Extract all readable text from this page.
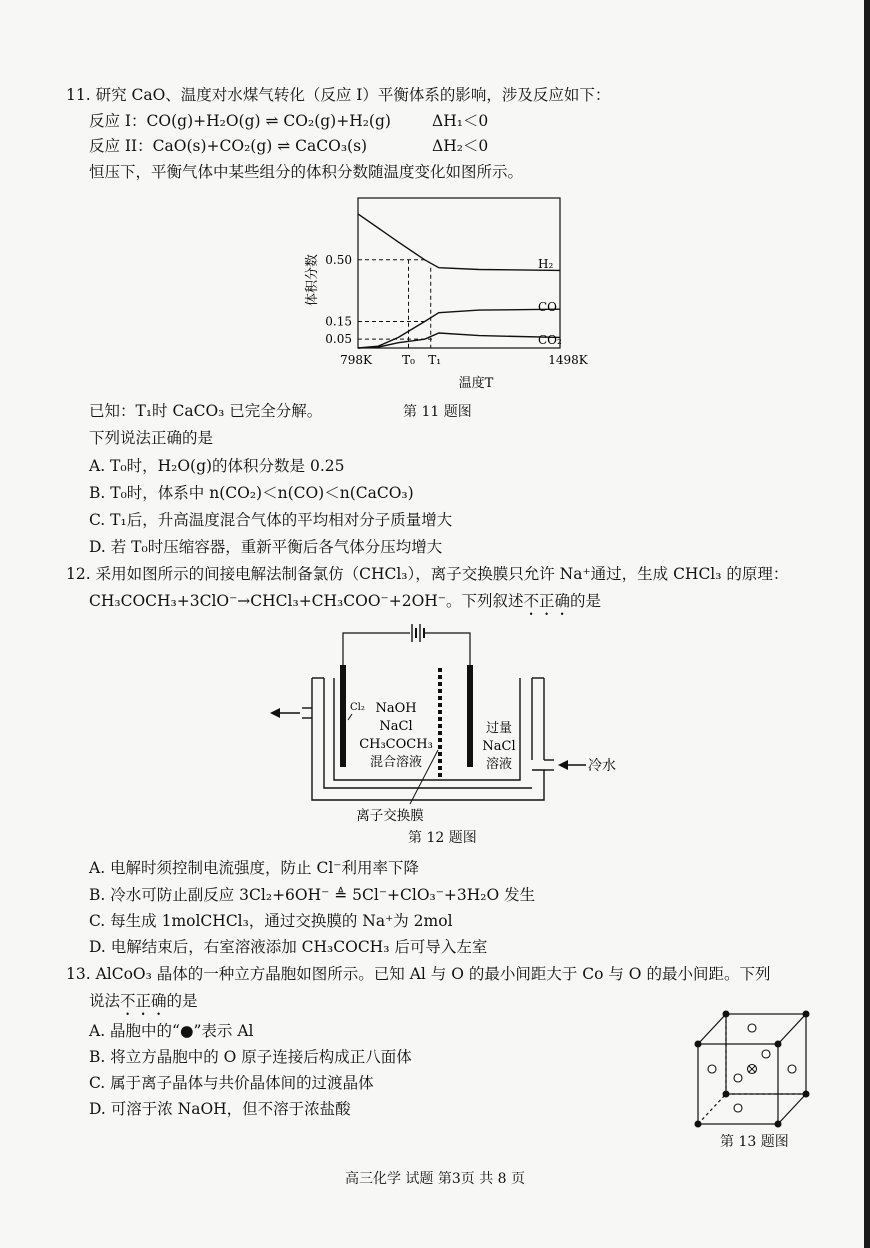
11. 研究 CaO、温度对水煤气转化（反应 I）平衡体系的影响，涉及反应如下：
反应 I：CO(g)+H₂O(g) ⇌ CO₂(g)+H₂(g)	ΔH₁＜0
反应 II：CaO(s)+CO₂(g) ⇌ CaCO₃(s)	ΔH₂＜0
恒压下，平衡气体中某些组分的体积分数随温度变化如图所示。
体积分数	H₂
CO
CO₂
0.50
0.15
0.05
798K	T₀ T₁	1498K
温度T
已知：T₁时 CaCO₃ 已完全分解。	第 11 题图
下列说法正确的是
A. T₀时，H₂O(g)的体积分数是 0.25
B. T₀时，体系中 n(CO₂)＜n(CO)＜n(CaCO₃)
C. T₁后，升高温度混合气体的平均相对分子质量增大
D. 若 T₀时压缩容器，重新平衡后各气体分压均增大
12. 采用如图所示的间接电解法制备氯仿（CHCl₃），离子交换膜只允许 Na⁺通过，生成 CHCl₃ 的原理：
CH₃COCH₃+3ClO⁻→CHCl₃+CH₃COO⁻+2OH⁻。下列叙述不正确的是
冷水
Cl₂ NaOH
NaCl
CH₃COCH₃
混合溶液
过量
NaCl
溶液
离子交换膜
第 12 题图
A. 电解时须控制电流强度，防止 Cl⁻利用率下降
B. 冷水可防止副反应 3Cl₂+6OH⁻ ≜ 5Cl⁻+ClO₃⁻+3H₂O 发生
C. 每生成 1molCHCl₃，通过交换膜的 Na⁺为 2mol
D. 电解结束后，右室溶液添加 CH₃COCH₃ 后可导入左室
13. AlCoO₃ 晶体的一种立方晶胞如图所示。已知 Al 与 O 的最小间距大于 Co 与 O 的最小间距。下列
说法不正确的是
A. 晶胞中的“●”表示 Al
B. 将立方晶胞中的 O 原子连接后构成正八面体
C. 属于离子晶体与共价晶体间的过渡晶体
D. 可溶于浓 NaOH，但不溶于浓盐酸
第 13 题图
高三化学 试题 第3页 共 8 页
